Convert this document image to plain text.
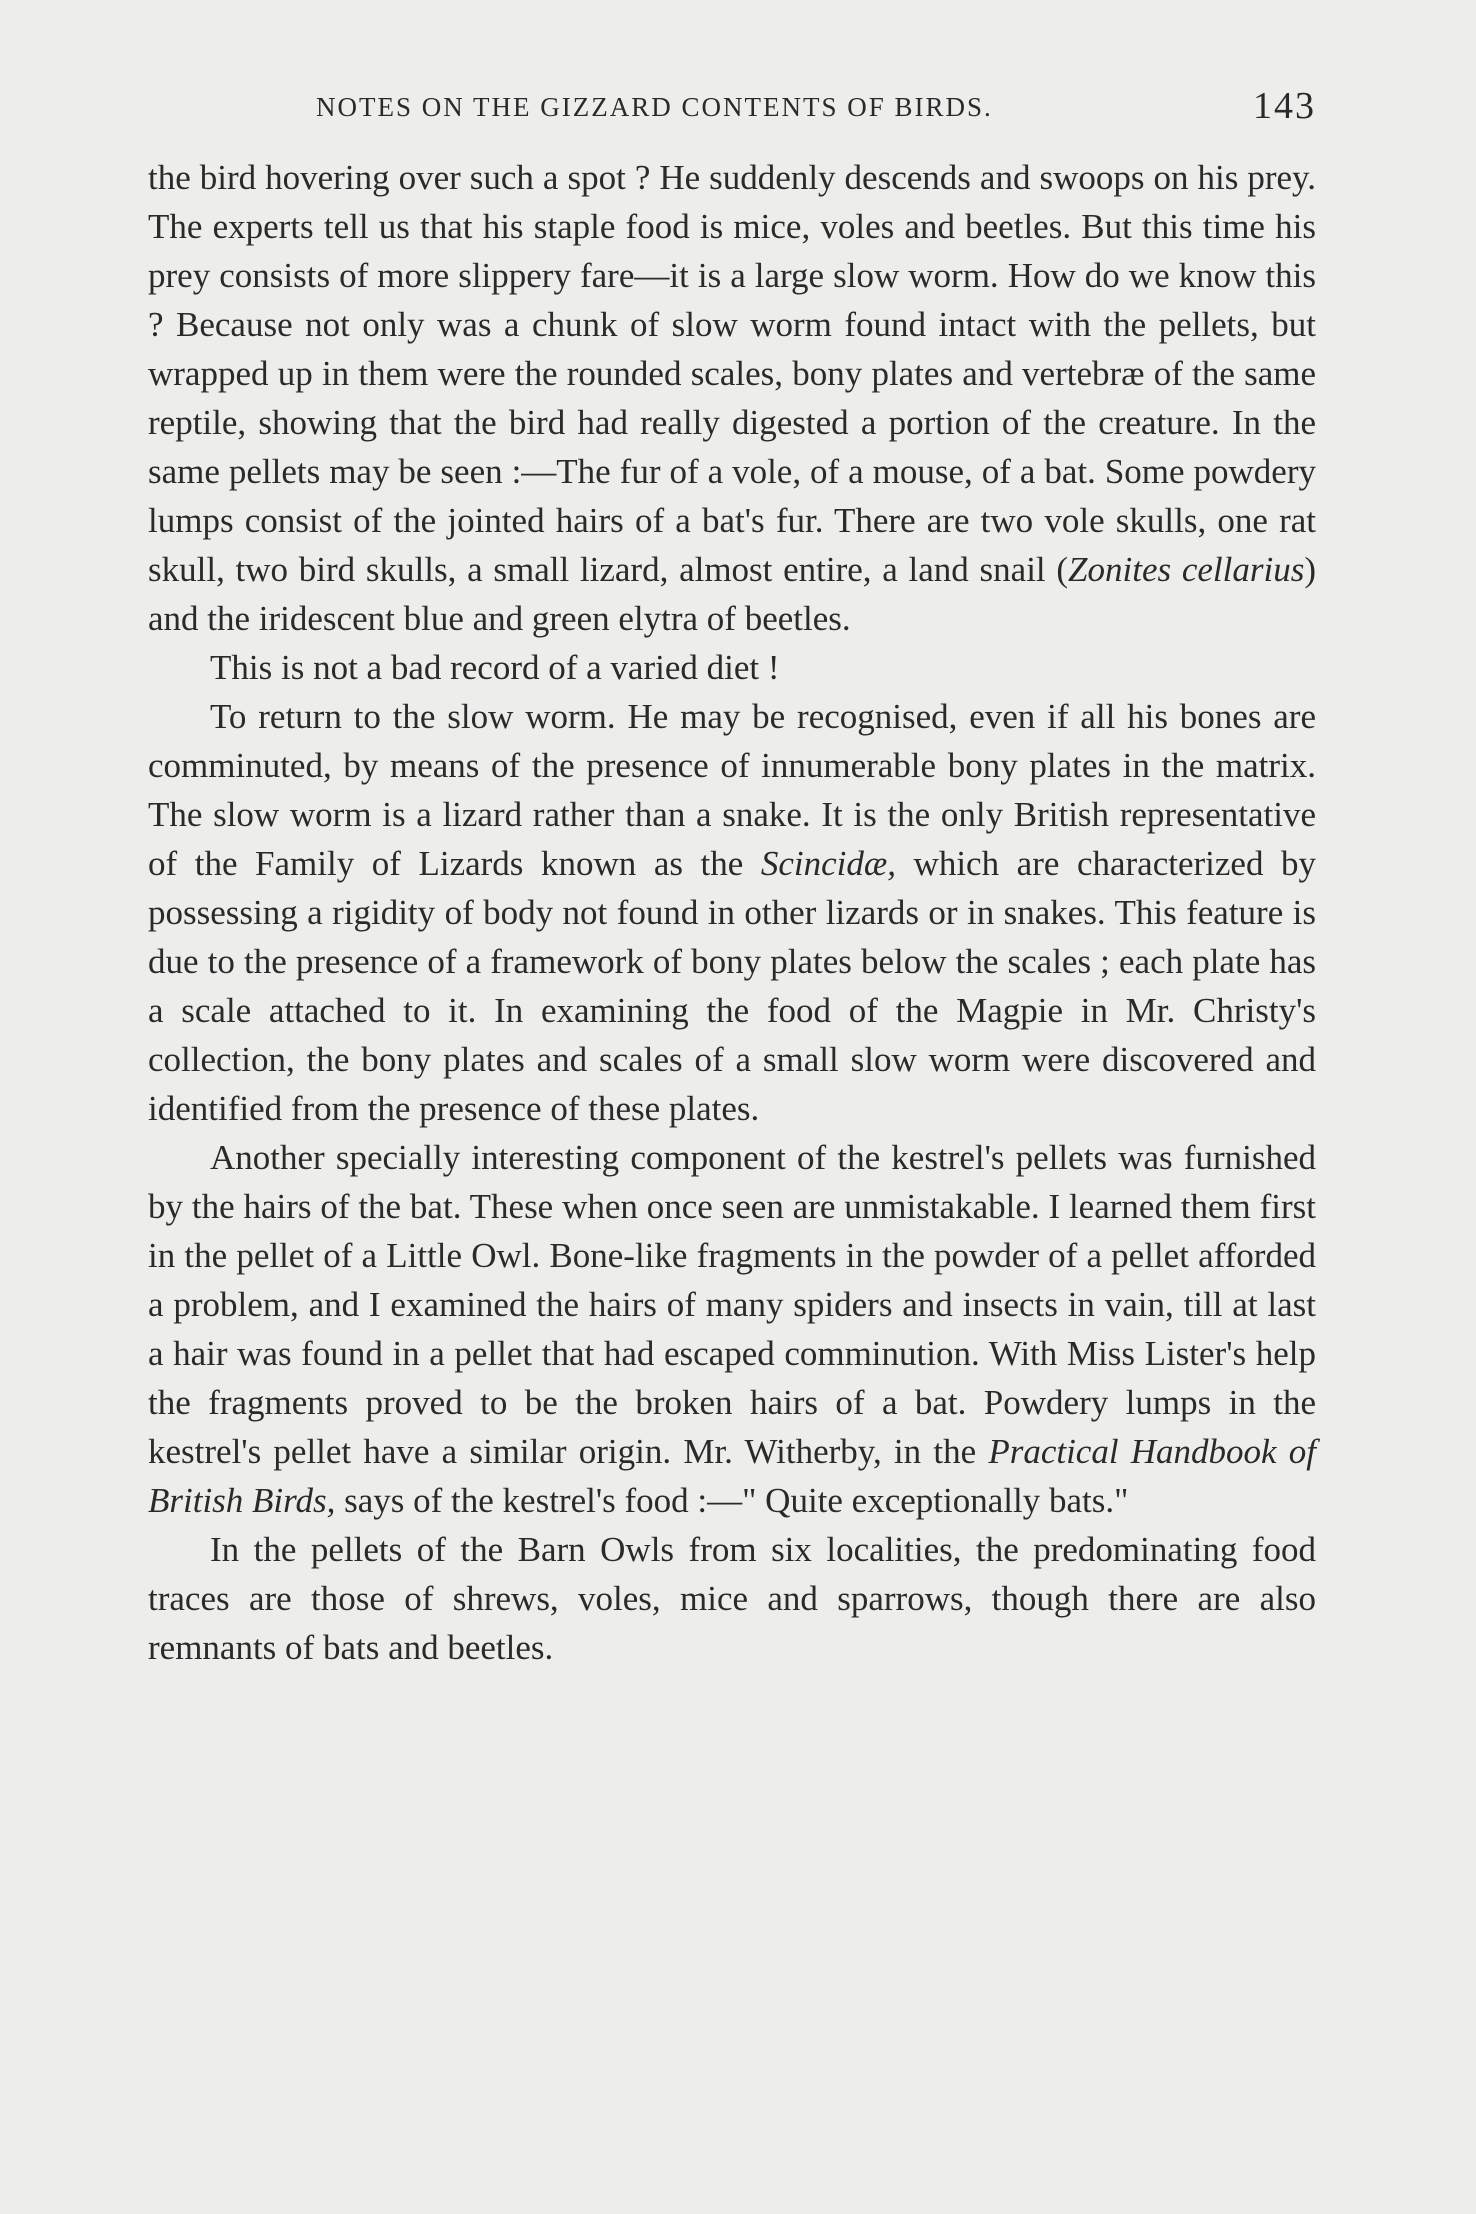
NOTES ON THE GIZZARD CONTENTS OF BIRDS.	143

the bird hovering over such a spot ? He suddenly descends and swoops on his prey. The experts tell us that his staple food is mice, voles and beetles. But this time his prey consists of more slippery fare—it is a large slow worm. How do we know this ? Because not only was a chunk of slow worm found intact with the pellets, but wrapped up in them were the rounded scales, bony plates and vertebræ of the same reptile, showing that the bird had really digested a portion of the creature. In the same pellets may be seen :—The fur of a vole, of a mouse, of a bat. Some powdery lumps consist of the jointed hairs of a bat's fur. There are two vole skulls, one rat skull, two bird skulls, a small lizard, almost entire, a land snail (Zonites cellarius) and the iridescent blue and green elytra of beetles.

This is not a bad record of a varied diet !

To return to the slow worm. He may be recognised, even if all his bones are comminuted, by means of the presence of innumerable bony plates in the matrix. The slow worm is a lizard rather than a snake. It is the only British representative of the Family of Lizards known as the Scincidæ, which are characterized by possessing a rigidity of body not found in other lizards or in snakes. This feature is due to the presence of a framework of bony plates below the scales ; each plate has a scale attached to it. In examining the food of the Magpie in Mr. Christy's collection, the bony plates and scales of a small slow worm were discovered and identified from the presence of these plates.

Another specially interesting component of the kestrel's pellets was furnished by the hairs of the bat. These when once seen are unmistakable. I learned them first in the pellet of a Little Owl. Bone-like fragments in the powder of a pellet afforded a problem, and I examined the hairs of many spiders and insects in vain, till at last a hair was found in a pellet that had escaped comminution. With Miss Lister's help the fragments proved to be the broken hairs of a bat. Powdery lumps in the kestrel's pellet have a similar origin. Mr. Witherby, in the Practical Handbook of British Birds, says of the kestrel's food :—" Quite exceptionally bats."

In the pellets of the Barn Owls from six localities, the predominating food traces are those of shrews, voles, mice and sparrows, though there are also remnants of bats and beetles.
